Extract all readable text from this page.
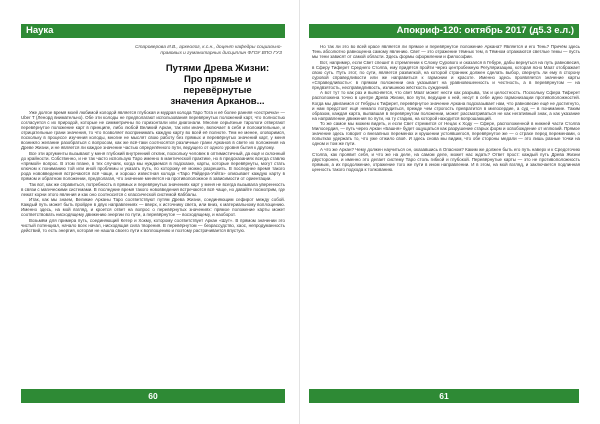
Наука
Староверова И.В., археолог, к.с.н., доцент кафедры социально-правовых и гуманитарных дисциплин ФГОУ ВПО ГУЗ
Путями Древа Жизни:
Про прямые и перевёрнутые
значения Арканов...

Уже долгое время моей любимой колодой является глубокая и мудрая колода Таро Тота и её более ранняя «сестричка» — Uber T (Ленорд внимательно). Обе эти колоды не предполагают использования перевёрнутых положений карт, что полностью согласуется с их природой, которые не симметричны по горизонтали или диагонали. Многие серьёзные тарологи отвергают перевёрнутое положение карт в принципе, либо любой Великий Аркан, так или иначе, включает в себя и положительные, и отрицательные грани значения, то что позволяет воспринимать каждую карту во всей её полноте. Тем не менее, оговоримся, поскольку в процессе изучения колоды, многие не мыслят свою работу без прямых и перевёрнутых значений карт, у меня возникло желание разобраться с вопросом, как же всё-таки соотносятся различные грани Арканов в свете их положения на Древе Жизни, и не является ли каждое значение частью определённого пути, ведущего от одного уровня бытия к другому.

Все эти аргументы вызывают у меня глубокий внутренний отклик, поскольку человек в оптимистичный, да ещё и склонный до крайности. Собственно, и не так часто использую Таро именно в мантической практике, но в предсказаниях всегда ставлю «прямой» вопрос. В этом плане, в тех случаях, когда мы нуждаемся в подсказке, карты, которые перевёрнуты, могут стать ключом к пониманию той или иной проблемы и указать путь, по которому её можно разрешить. В последнее время такого рода нововведения встречаются всё чаще, и хорошо известная колода «Таро Райдера-Уэйта» описывает каждую карту в прямом и обратном положении, предполагая, что значение меняется на противоположное в зависимости от ориентации.

Так вот, как же справиться, потребность в прямых и перевёрнутых значениях карт у меня не всегда вызывала уверенность в связи с магическими системами. В последние время такого нововведения встречаются всё чаще, но давайте посмотрим, где лежат корни этого явления и как оно соотносится с классической системой Каббалы.

Итак, как мы знаем, Великие Арканы Таро соответствуют путям Древа Жизни, соединяющим сефирот между собой. Каждый путь может быть пройден в двух направлениях — вверх, к источнику света, или вниз, к материальному воплощению. Именно здесь, на мой взгляд, и кроется ответ на вопрос о перевёрнутых значениях: прямое положение карты может соответствовать нисходящему движению энергии по пути, а перевёрнутое — восходящему, и наоборот.

Возьмём для примера путь, соединяющий Кетер и Хокму, которому соответствует Аркан «Шут». В прямом значении это чистый потенциал, начало всех начал, нисходящая сила творения. В перевёрнутом — безрассудство, хаос, непродуманность действий, то есть энергия, которая не нашла своего пути к воплощению и поэтому растрачивается впустую.

60
Апокриф-120: октябрь 2017 (д5.3 е.л.)

Но так ли это во всей красе является ли прямое и перевёрнутое положение Аркана? Является и его Тень? Причём здесь Тень абсолютно равноценна самому явлению. Свет — это отражение тёмных тем, в Тёмном отражаются светлые темы — пусть мы тени зависят от самой области. Здесь формы оформлении и философии.

Вот, например, если Свет спешит в стремлении к Слому Сурового и оказался в Гебуре, дабы вернуться на путь равновесия, в Сферу Тиферет Среднего Столпа, ему придётся пройти через центробежную Регуляризацию, которая ясно Маат отображает свою суть. Путь этот, по сути, является развилкой, на которой странник должен сделать выбор, свернуть ли ему в сторону суровой справедливости или же направиться к гармонии и красоте. Именно здесь проявляется значение карты «Справедливость»: в прямом положении она указывает на уравновешенность и честность, а в перевёрнутом — на предвзятость, несправедливость, излишнюю жёсткость суждений.

А вот тут то как раз и выясняется, что свет Маат может нести как разрыва, так и целостность. Поскольку Сфера Тиферет расположена точно в центре Древа Жизни, все пути, ведущие к ней, несут в себе идею гармонизации противоположностей. Когда мы двигаемся от Гебуры к Тиферет, перевёрнутое значение Аркана подсказывает нам, что равновесие ещё не достигнуто, и нам предстоит ещё немало потрудиться, прежде чем строгость превратится в милосердие, а суд — в понимание. Таким образом, каждая карта, выпавшая в перевёрнутом положении, может рассматриваться не как негативный знак, а как указание на направление движения по пути, на ту стадию, на которой находится вопрошающий.

То же самое мы можем видеть, и если Свет стремится от Нецах к Ходу — Сфере, расположенной в нижней части Столпа Милосердия, — путь через Аркан «Башня» будет ощущаться как разрушение старых форм и освобождение от иллюзий. Прямое значение здесь говорит о внезапных переменах и крушении устоявшегося, перевёрнутое же — о страхе перед переменами, о попытках удержать то, что уже отжило своё. И здесь снова мы видим, что обе стороны медали — это лишь разные точки на одном и том же пути.

А что же Аркан? Чему должен научиться он, оказавшись в Опасном? Каким же должен быть его путь наверх и к Средоточию Столпа, как проявит себя, и что же на деле, на самом деле, может нас ждать? Ответ прост: каждый путь Древа Жизни двусторонен, и именно это делает систему Таро столь гибкой и глубокой. Перевёрнутые карты — это не противоположность прямым, а их продолжение, отражение того же пути в ином направлении. И в этом, на мой взгляд, и заключается подлинная ценность такого подхода к толкованию.

61
